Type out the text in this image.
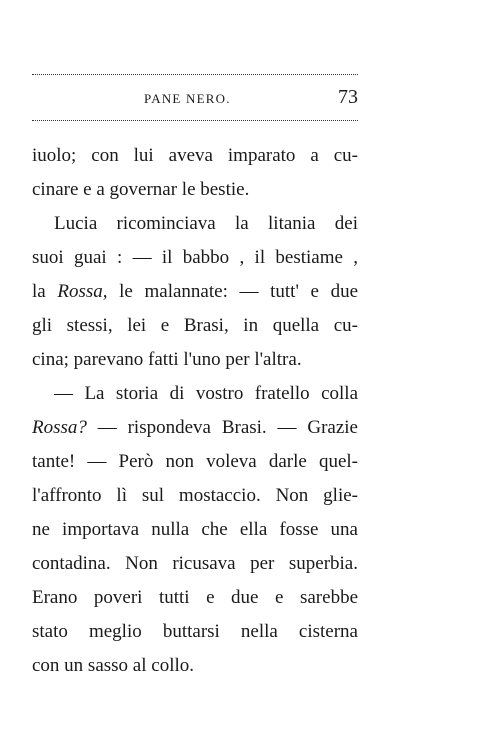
PANE NERO.	73
iuolo; con lui aveva imparato a cu-
cinare e a governar le bestie.
Lucia ricominciava la litania dei
suoi guai : — il babbo , il bestiame ,
la Rossa, le malannate: — tutt' e due
gli stessi, lei e Brasi, in quella cu-
cina; parevano fatti l'uno per l'altra.
— La storia di vostro fratello colla
Rossa? — rispondeva Brasi. — Grazie
tante! — Però non voleva darle quel-
l'affronto lì sul mostaccio. Non glie-
ne importava nulla che ella fosse una
contadina. Non ricusava per superbia.
Erano poveri tutti e due e sarebbe
stato meglio buttarsi nella cisterna
con un sasso al collo.
